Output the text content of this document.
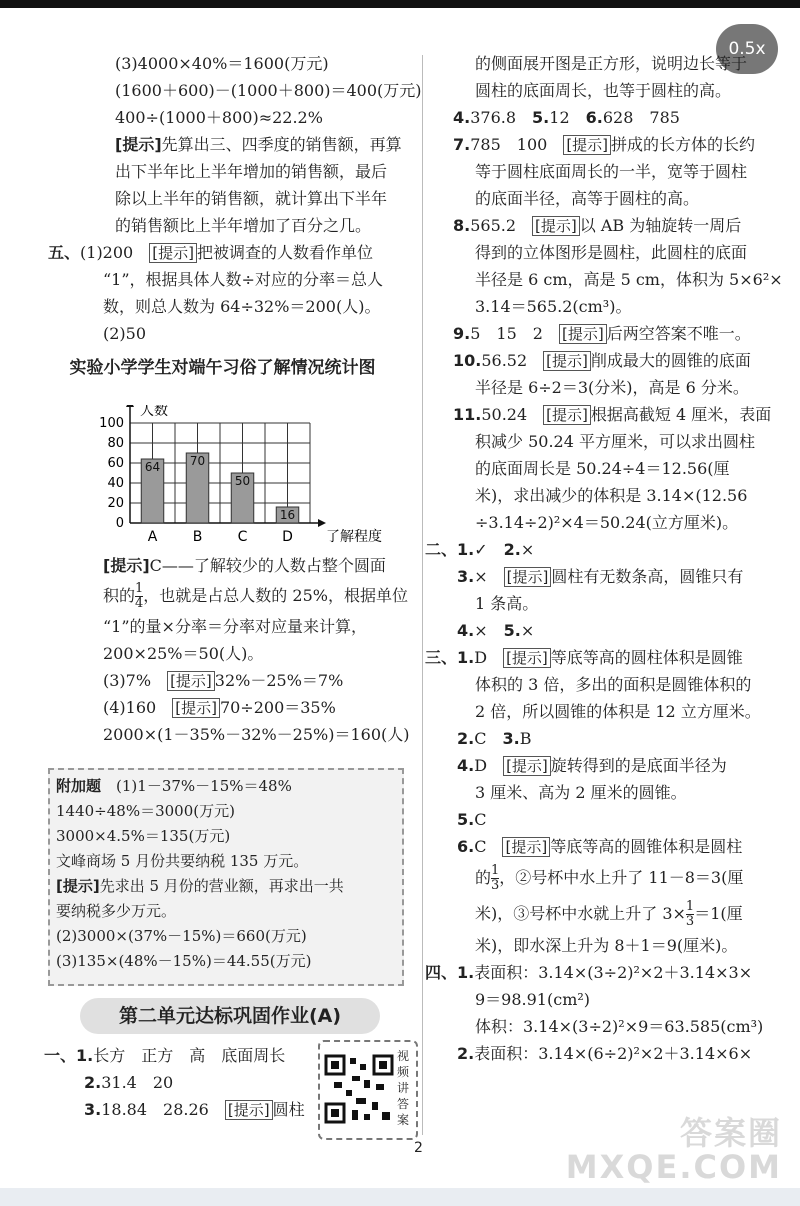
0.5x
(3)4000×40%＝1600(万元)
(1600＋600)－(1000＋800)＝400(万元)
400÷(1000＋800)≈22.2%
[提示]先算出三、四季度的销售额，再算
出下半年比上半年增加的销售额，最后
除以上半年的销售额，就计算出下半年
的销售额比上半年增加了百分之几。
五、(1)200　 [提示] 把被调查的人数看作单位
“1”，根据具体人数÷对应的分率＝总人
数，则总人数为 64÷32%＝200(人)。
(2)50
实验小学学生对端午习俗了解情况统计图
0
20
40
60
80
100
人数
了解程度
64
A
70
B
50
C
16
D
[提示]C——了解较少的人数占整个圆面
积的 $\frac{1}{4}$ ，也就是占总人数的 25%，根据单位
“1”的量×分率＝分率对应量来计算，
200×25%＝50(人)。
(3)7%　 [提示] 32%－25%＝7%
(4)160　 [提示] 70÷200＝35%
2000×(1－35%－32%－25%)＝160(人)
附加题　 (1)1－37%－15%＝48%
1440÷48%＝3000(万元)
3000×4.5%＝135(万元)
文峰商场 5 月份共要纳税 135 万元。
[提示]先求出 5 月份的营业额，再求出一共
要纳税多少万元。
(2)3000×(37%－15%)＝660(万元)
(3)135×(48%－15%)＝44.55(万元)
第二单元达标巩固作业(A)
一、1.长方　正方　高　底面周长
2.31.4　20
3.18.84　28.26　 [提示] 圆柱
视频讲答案
的侧面展开图是正方形，说明边长等于
圆柱的底面周长，也等于圆柱的高。
4.376.8　 5.12　 6.628　785
7.785　100　 [提示] 拼成的长方体的长约
等于圆柱底面周长的一半，宽等于圆柱
的底面半径，高等于圆柱的高。
8.565.2　 [提示] 以 AB 为轴旋转一周后
得到的立体图形是圆柱，此圆柱的底面
半径是 6 cm，高是 5 cm，体积为 5×6²×
3.14＝565.2(cm³)。
9.5　15　2　 [提示] 后两空答案不唯一。
10.56.52　 [提示] 削成最大的圆锥的底面
半径是 6÷2＝3(分米)，高是 6 分米。
11.50.24　 [提示] 根据高截短 4 厘米，表面
积减少 50.24 平方厘米，可以求出圆柱
的底面周长是 50.24÷4＝12.56(厘
米)，求出减少的体积是 3.14×(12.56
÷3.14÷2)²×4＝50.24(立方厘米)。
二、1.✓　 2.×
3.×　 [提示] 圆柱有无数条高，圆锥只有
1 条高。
4.×　 5.×
三、1.D　 [提示] 等底等高的圆柱体积是圆锥
体积的 3 倍，多出的面积是圆锥体积的
2 倍，所以圆锥的体积是 12 立方厘米。
2.C　 3.B
4.D　 [提示] 旋转得到的是底面半径为
3 厘米、高为 2 厘米的圆锥。
5.C
6.C　 [提示] 等底等高的圆锥体积是圆柱
的 $\frac{1}{3}$ ，②号杯中水上升了 11－8＝3(厘
米)，③号杯中水就上升了 $3\times \frac{1}{3} =1$(厘
米)，即水深上升为 8＋1＝9(厘米)。
四、1.表面积：3.14×(3÷2)²×2＋3.14×3×
9＝98.91(cm²)
体积：3.14×(3÷2)²×9＝63.585(cm³)
2.表面积：3.14×(6÷2)²×2＋3.14×6×
2	答案圈
MXQE.COM
